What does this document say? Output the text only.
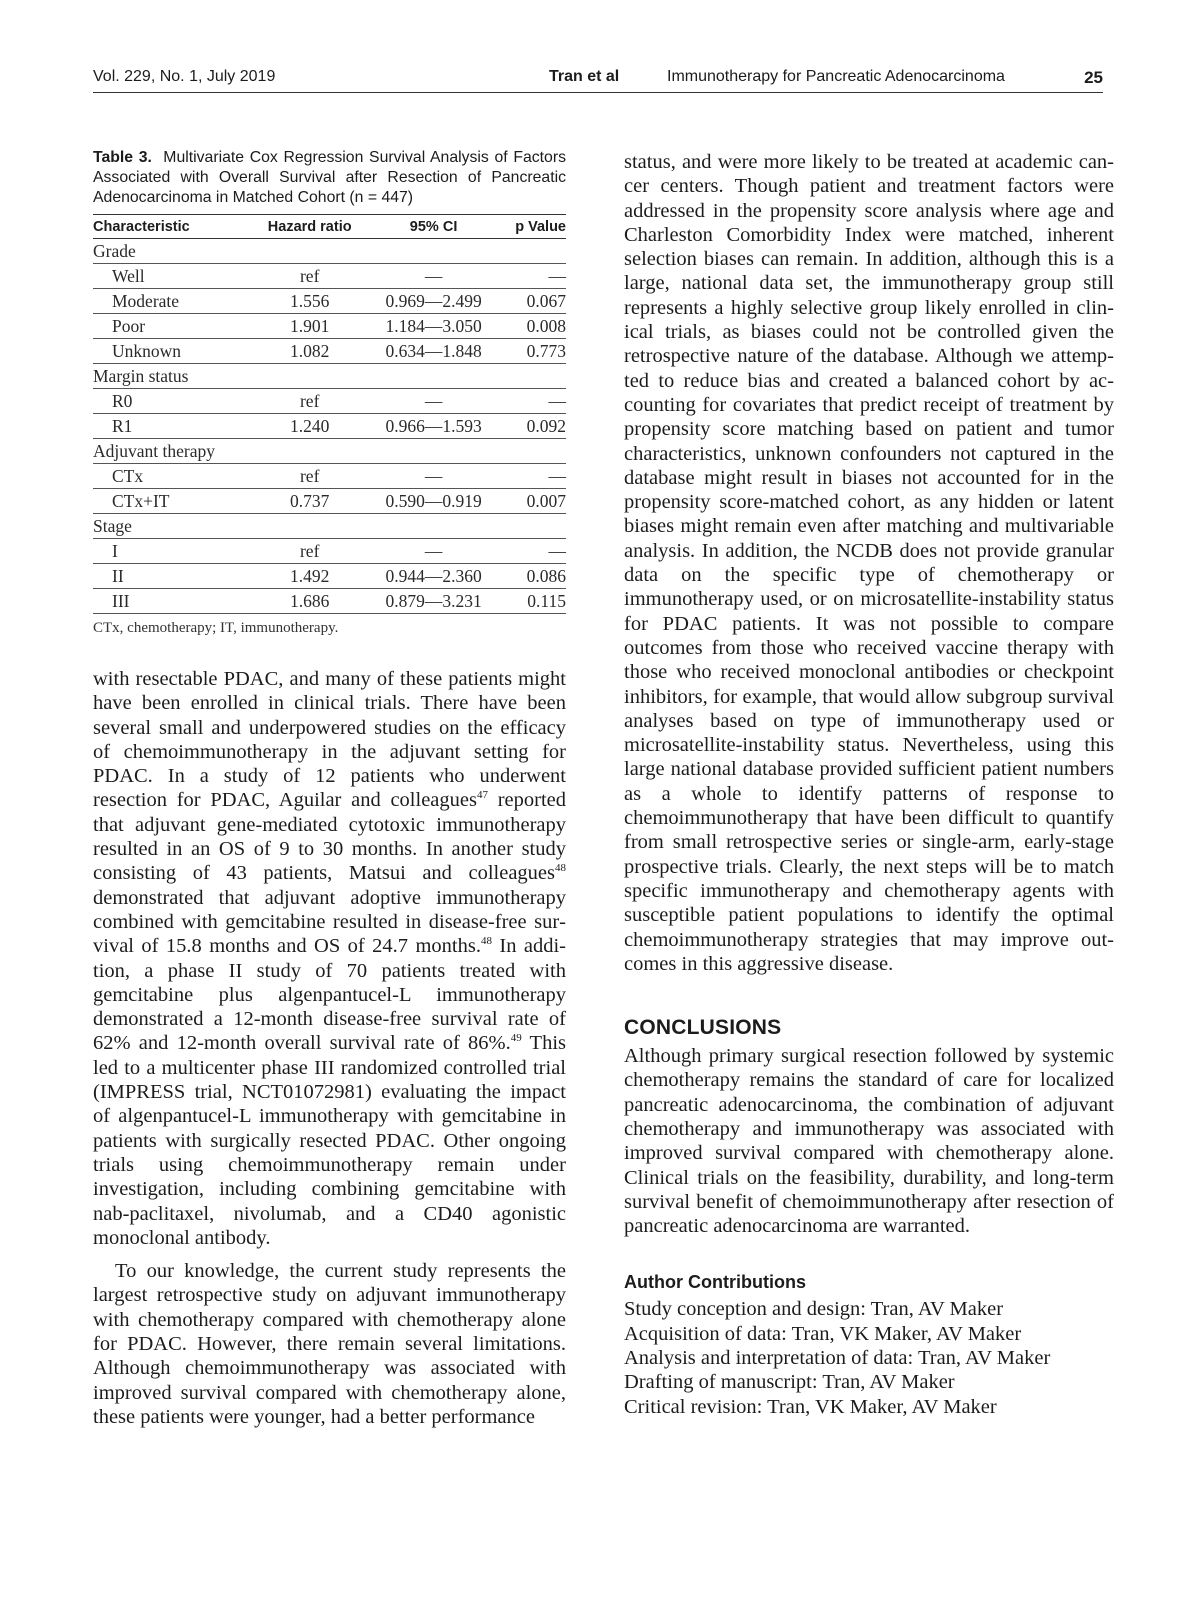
Vol. 229, No. 1, July 2019	Tran et al	Immunotherapy for Pancreatic Adenocarcinoma	25

Table 3. Multivariate Cox Regression Survival Analysis of Factors Associated with Overall Survival after Resection of Pancreatic Adenocarcinoma in Matched Cohort (n = 447)

Characteristic	Hazard ratio	95% CI	p Value
Grade			
Well	ref	—	—
Moderate	1.556	0.969—2.499	0.067
Poor	1.901	1.184—3.050	0.008
Unknown	1.082	0.634—1.848	0.773
Margin status			
R0	ref	—	—
R1	1.240	0.966—1.593	0.092
Adjuvant therapy			
CTx	ref	—	—
CTx+IT	0.737	0.590—0.919	0.007
Stage			
I	ref	—	—
II	1.492	0.944—2.360	0.086
III	1.686	0.879—3.231	0.115
CTx, chemotherapy; IT, immunotherapy.

with resectable PDAC, and many of these patients might have been enrolled in clinical trials. There have been several small and underpowered studies on the efficacy of chemoimmunotherapy in the adjuvant setting for PDAC. In a study of 12 patients who underwent resection for PDAC, Aguilar and colleagues$^{47}$ reported that adjuvant gene-mediated cytotoxic immunotherapy resulted in an OS of 9 to 30 months. In another study consisting of 43 patients, Matsui and colleagues$^{48}$ demonstrated that adjuvant adoptive immunotherapy combined with gemcitabine resulted in disease-free survival of 15.8 months and OS of 24.7 months.$^{48}$ In addition, a phase II study of 70 patients treated with gemcitabine plus algenpantucel-L immunotherapy demonstrated a 12-month disease-free survival rate of 62% and 12-month overall survival rate of 86%.$^{49}$ This led to a multicenter phase III randomized controlled trial (IMPRESS trial, NCT01072981) evaluating the impact of algenpantucel-L immunotherapy with gemcitabine in patients with surgically resected PDAC. Other ongoing trials using chemoimmunotherapy remain under investigation, including combining gemcitabine with nab-paclitaxel, nivolumab, and a CD40 agonistic monoclonal antibody.

To our knowledge, the current study represents the largest retrospective study on adjuvant immunotherapy with chemotherapy compared with chemotherapy alone for PDAC. However, there remain several limitations. Although chemoimmunotherapy was associated with improved survival compared with chemotherapy alone, these patients were younger, had a better performance

status, and were more likely to be treated at academic cancer centers. Though patient and treatment factors were addressed in the propensity score analysis where age and Charleston Comorbidity Index were matched, inherent selection biases can remain. In addition, although this is a large, national data set, the immunotherapy group still represents a highly selective group likely enrolled in clinical trials, as biases could not be controlled given the retrospective nature of the database. Although we attempted to reduce bias and created a balanced cohort by accounting for covariates that predict receipt of treatment by propensity score matching based on patient and tumor characteristics, unknown confounders not captured in the database might result in biases not accounted for in the propensity score-matched cohort, as any hidden or latent biases might remain even after matching and multivariable analysis. In addition, the NCDB does not provide granular data on the specific type of chemotherapy or immunotherapy used, or on microsatellite-instability status for PDAC patients. It was not possible to compare outcomes from those who received vaccine therapy with those who received monoclonal antibodies or checkpoint inhibitors, for example, that would allow subgroup survival analyses based on type of immunotherapy used or microsatellite-instability status. Nevertheless, using this large national database provided sufficient patient numbers as a whole to identify patterns of response to chemoimmunotherapy that have been difficult to quantify from small retrospective series or single-arm, early-stage prospective trials. Clearly, the next steps will be to match specific immunotherapy and chemotherapy agents with susceptible patient populations to identify the optimal chemoimmunotherapy strategies that may improve outcomes in this aggressive disease.

CONCLUSIONS

Although primary surgical resection followed by systemic chemotherapy remains the standard of care for localized pancreatic adenocarcinoma, the combination of adjuvant chemotherapy and immunotherapy was associated with improved survival compared with chemotherapy alone. Clinical trials on the feasibility, durability, and long-term survival benefit of chemoimmunotherapy after resection of pancreatic adenocarcinoma are warranted.

Author Contributions
Study conception and design: Tran, AV Maker
Acquisition of data: Tran, VK Maker, AV Maker
Analysis and interpretation of data: Tran, AV Maker
Drafting of manuscript: Tran, AV Maker
Critical revision: Tran, VK Maker, AV Maker
